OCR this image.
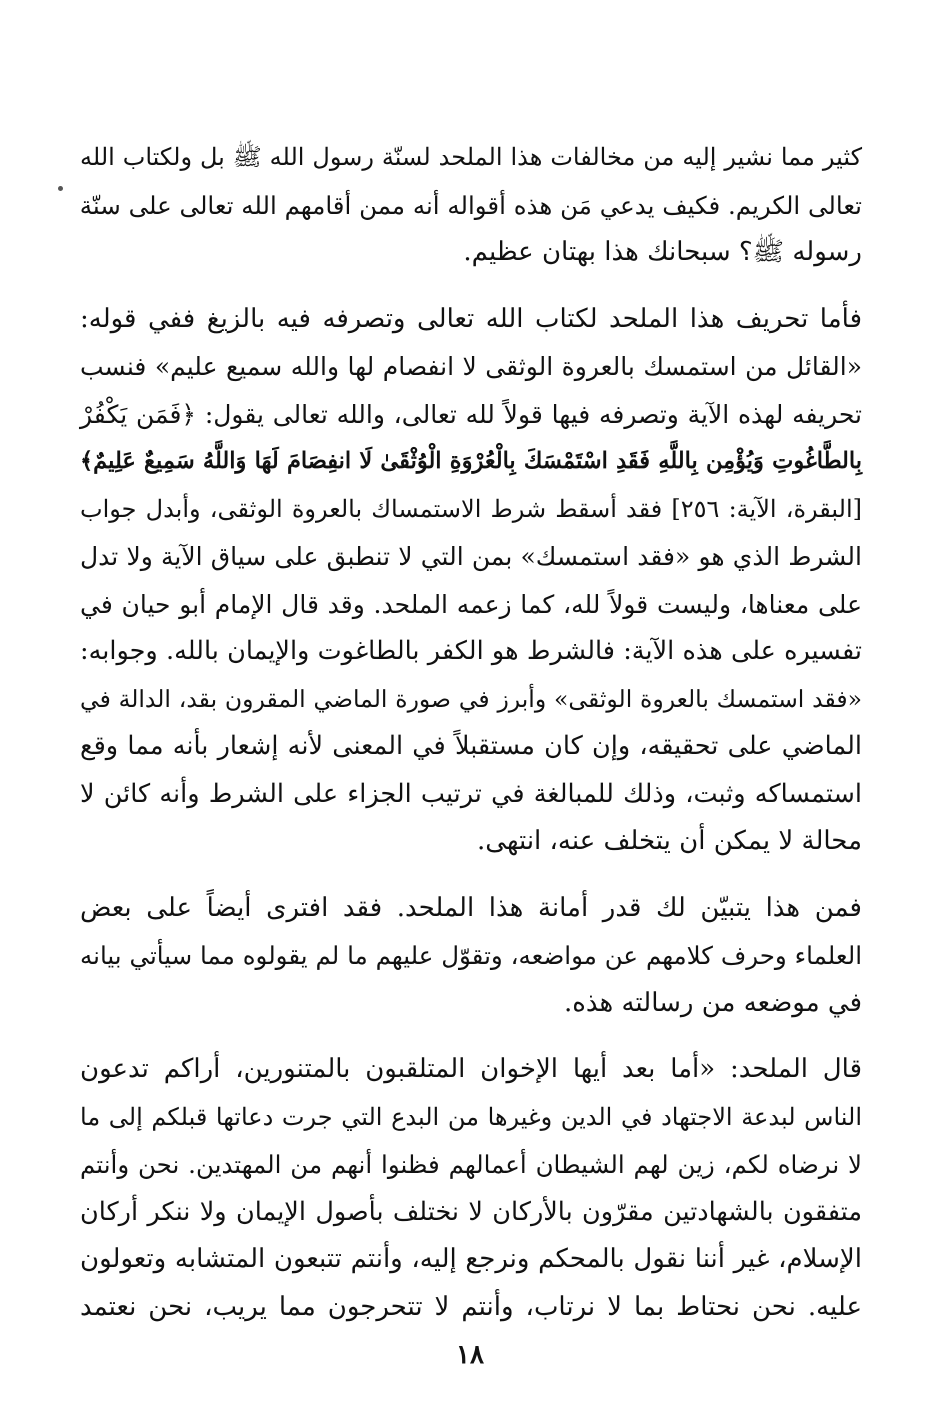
كثير مما نشير إليه من مخالفات هذا الملحد لسنّة رسول الله ﷺ بل ولكتاب الله
تعالى الكريم. فكيف يدعي مَن هذه أقواله أنه ممن أقامهم الله تعالى على سنّة
رسوله ﷺ؟ سبحانك هذا بهتان عظيم.
فأما تحريف هذا الملحد لكتاب الله تعالى وتصرفه فيه بالزيغ ففي قوله:
«القائل من استمسك بالعروة الوثقى لا انفصام لها والله سميع عليم» فنسب
تحريفه لهذه الآية وتصرفه فيها قولاً لله تعالى، والله تعالى يقول: ﴿فَمَن يَكْفُرْ
بِالطَّاغُوتِ وَيُؤْمِن بِاللَّهِ فَقَدِ اسْتَمْسَكَ بِالْعُرْوَةِ الْوُثْقَىٰ لَا انفِصَامَ لَهَا وَاللَّهُ سَمِيعٌ عَلِيمٌ﴾
[البقرة، الآية: ٢٥٦] فقد أسقط شرط الاستمساك بالعروة الوثقى، وأبدل جواب
الشرط الذي هو «فقد استمسك» بمن التي لا تنطبق على سياق الآية ولا تدل
على معناها، وليست قولاً لله، كما زعمه الملحد. وقد قال الإمام أبو حيان في
تفسيره على هذه الآية: فالشرط هو الكفر بالطاغوت والإيمان بالله. وجوابه:
«فقد استمسك بالعروة الوثقى» وأبرز في صورة الماضي المقرون بقد، الدالة في
الماضي على تحقيقه، وإن كان مستقبلاً في المعنى لأنه إشعار بأنه مما وقع
استمساكه وثبت، وذلك للمبالغة في ترتيب الجزاء على الشرط وأنه كائن لا
محالة لا يمكن أن يتخلف عنه، انتهى.
فمن هذا يتبيّن لك قدر أمانة هذا الملحد. فقد افترى أيضاً على بعض
العلماء وحرف كلامهم عن مواضعه، وتقوّل عليهم ما لم يقولوه مما سيأتي بيانه
في موضعه من رسالته هذه.
قال الملحد: «أما بعد أيها الإخوان المتلقبون بالمتنورين، أراكم تدعون
الناس لبدعة الاجتهاد في الدين وغيرها من البدع التي جرت دعاتها قبلكم إلى ما
لا نرضاه لكم، زين لهم الشيطان أعمالهم فظنوا أنهم من المهتدين. نحن وأنتم
متفقون بالشهادتين مقرّون بالأركان لا نختلف بأصول الإيمان ولا ننكر أركان
الإسلام، غير أننا نقول بالمحكم ونرجع إليه، وأنتم تتبعون المتشابه وتعولون
عليه. نحن نحتاط بما لا نرتاب، وأنتم لا تتحرجون مما يريب، نحن نعتمد
١٨
